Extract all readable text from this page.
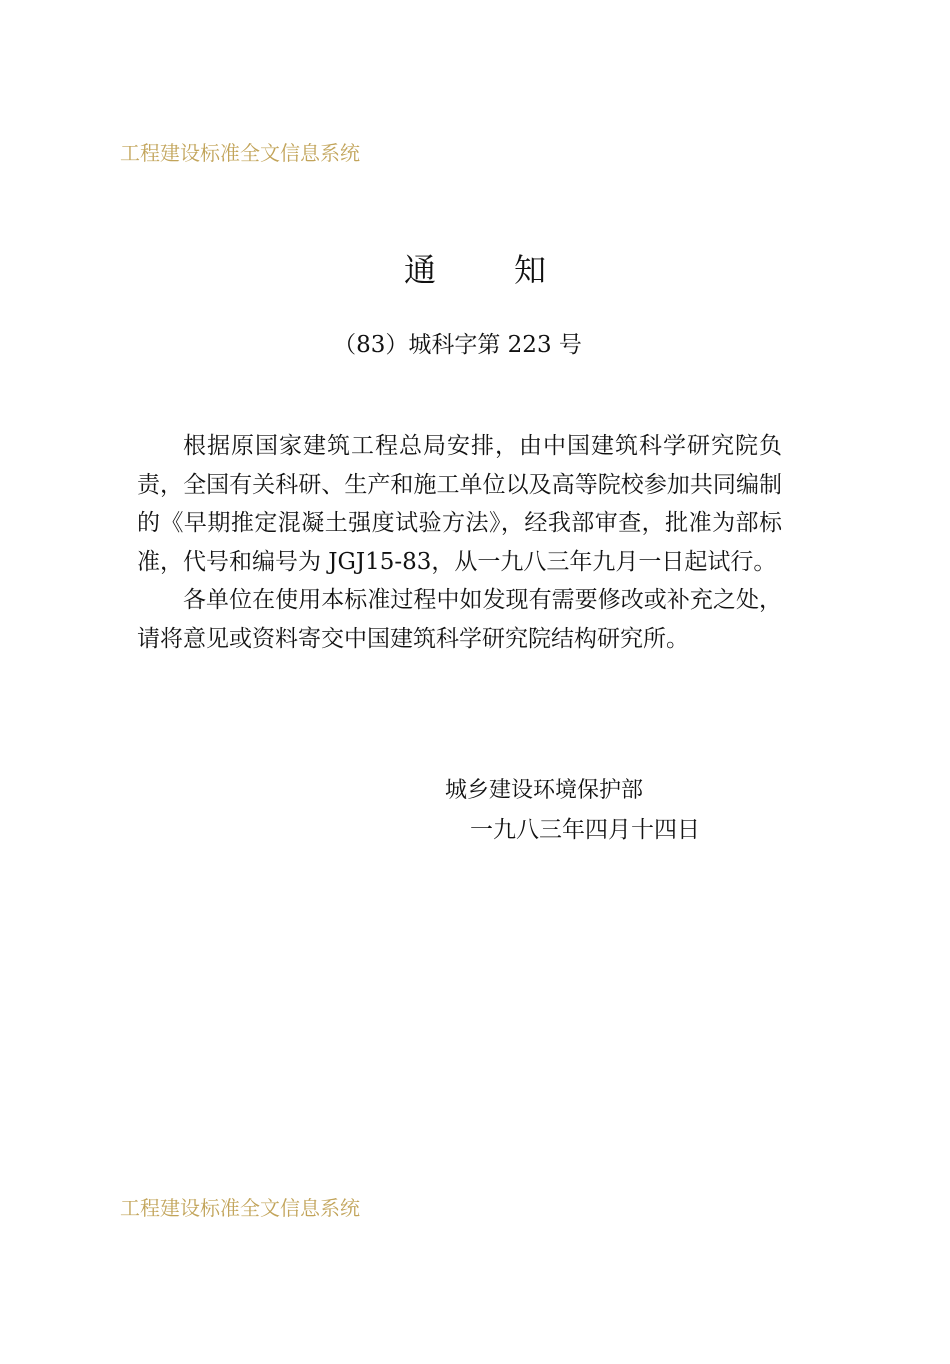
工程建设标准全文信息系统
通 知
（83）城科字第 223 号

根据原国家建筑工程总局安排，由中国建筑科学研究院负责，全国有关科研、生产和施工单位以及高等院校参加共同编制的《早期推定混凝土强度试验方法》，经我部审查，批准为部标准，代号和编号为 JGJ15-83，从一九八三年九月一日起试行。

各单位在使用本标准过程中如发现有需要修改或补充之处，请将意见或资料寄交中国建筑科学研究院结构研究所。

城乡建设环境保护部
一九八三年四月十四日
工程建设标准全文信息系统
